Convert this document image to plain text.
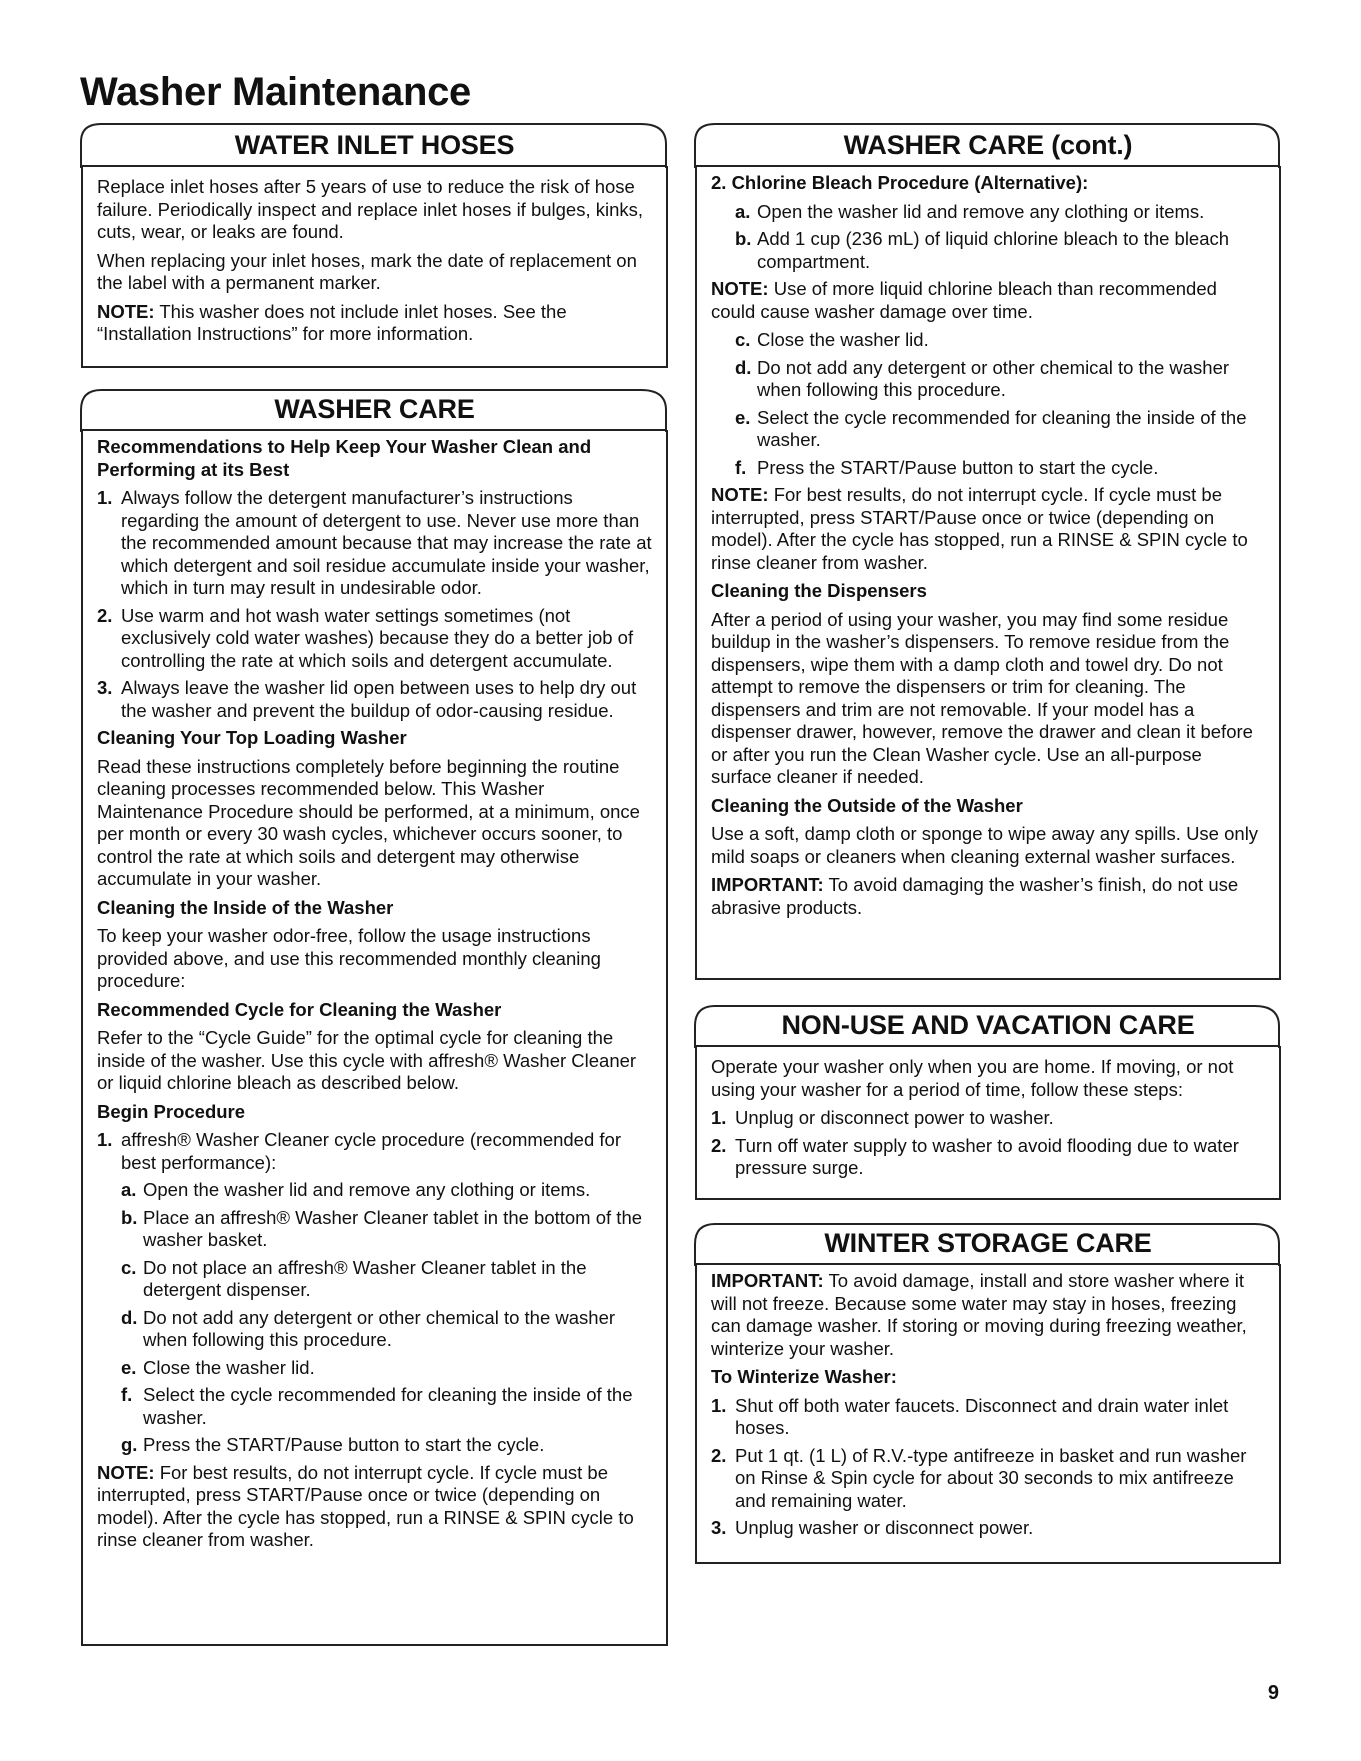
Washer Maintenance
WATER INLET HOSES

Replace inlet hoses after 5 years of use to reduce the risk of hose failure. Periodically inspect and replace inlet hoses if bulges, kinks, cuts, wear, or leaks are found.

When replacing your inlet hoses, mark the date of replacement on the label with a permanent marker.

NOTE: This washer does not include inlet hoses. See the “Installation Instructions” for more information.

WASHER CARE
Recommendations to Help Keep Your Washer Clean and Performing at its Best
1. Always follow the detergent manufacturer’s instructions regarding the amount of detergent to use. Never use more than the recommended amount because that may increase the rate at which detergent and soil residue accumulate inside your washer, which in turn may result in undesirable odor.
2. Use warm and hot wash water settings sometimes (not exclusively cold water washes) because they do a better job of controlling the rate at which soils and detergent accumulate.
3. Always leave the washer lid open between uses to help dry out the washer and prevent the buildup of odor-causing residue.
Cleaning Your Top Loading Washer

Read these instructions completely before beginning the routine cleaning processes recommended below. This Washer Maintenance Procedure should be performed, at a minimum, once per month or every 30 wash cycles, whichever occurs sooner, to control the rate at which soils and detergent may otherwise accumulate in your washer.

Cleaning the Inside of the Washer

To keep your washer odor-free, follow the usage instructions provided above, and use this recommended monthly cleaning procedure:

Recommended Cycle for Cleaning the Washer

Refer to the “Cycle Guide” for the optimal cycle for cleaning the inside of the washer. Use this cycle with affresh® Washer Cleaner or liquid chlorine bleach as described below.

Begin Procedure
1. affresh® Washer Cleaner cycle procedure (recommended for best performance):
a. Open the washer lid and remove any clothing or items.
b. Place an affresh® Washer Cleaner tablet in the bottom of the washer basket.
c. Do not place an affresh® Washer Cleaner tablet in the detergent dispenser.
d. Do not add any detergent or other chemical to the washer when following this procedure.
e. Close the washer lid.
f. Select the cycle recommended for cleaning the inside of the washer.
g. Press the START/Pause button to start the cycle.

NOTE: For best results, do not interrupt cycle. If cycle must be interrupted, press START/Pause once or twice (depending on model). After the cycle has stopped, run a RINSE & SPIN cycle to rinse cleaner from washer.

WASHER CARE (cont.)
2. Chlorine Bleach Procedure (Alternative):
a. Open the washer lid and remove any clothing or items.
b. Add 1 cup (236 mL) of liquid chlorine bleach to the bleach compartment.

NOTE: Use of more liquid chlorine bleach than recommended could cause washer damage over time.

c. Close the washer lid.
d. Do not add any detergent or other chemical to the washer when following this procedure.
e. Select the cycle recommended for cleaning the inside of the washer.
f. Press the START/Pause button to start the cycle.

NOTE: For best results, do not interrupt cycle. If cycle must be interrupted, press START/Pause once or twice (depending on model). After the cycle has stopped, run a RINSE & SPIN cycle to rinse cleaner from washer.

Cleaning the Dispensers

After a period of using your washer, you may find some residue buildup in the washer’s dispensers. To remove residue from the dispensers, wipe them with a damp cloth and towel dry. Do not attempt to remove the dispensers or trim for cleaning. The dispensers and trim are not removable. If your model has a dispenser drawer, however, remove the drawer and clean it before or after you run the Clean Washer cycle. Use an all-purpose surface cleaner if needed.

Cleaning the Outside of the Washer

Use a soft, damp cloth or sponge to wipe away any spills. Use only mild soaps or cleaners when cleaning external washer surfaces.

IMPORTANT: To avoid damaging the washer’s finish, do not use abrasive products.

NON-USE AND VACATION CARE

Operate your washer only when you are home. If moving, or not using your washer for a period of time, follow these steps:

1. Unplug or disconnect power to washer.
2. Turn off water supply to washer to avoid flooding due to water pressure surge.
WINTER STORAGE CARE

IMPORTANT: To avoid damage, install and store washer where it will not freeze. Because some water may stay in hoses, freezing can damage washer. If storing or moving during freezing weather, winterize your washer.

To Winterize Washer:
1. Shut off both water faucets. Disconnect and drain water inlet hoses.
2. Put 1 qt. (1 L) of R.V.-type antifreeze in basket and run washer on Rinse & Spin cycle for about 30 seconds to mix antifreeze and remaining water.
3. Unplug washer or disconnect power.
9
